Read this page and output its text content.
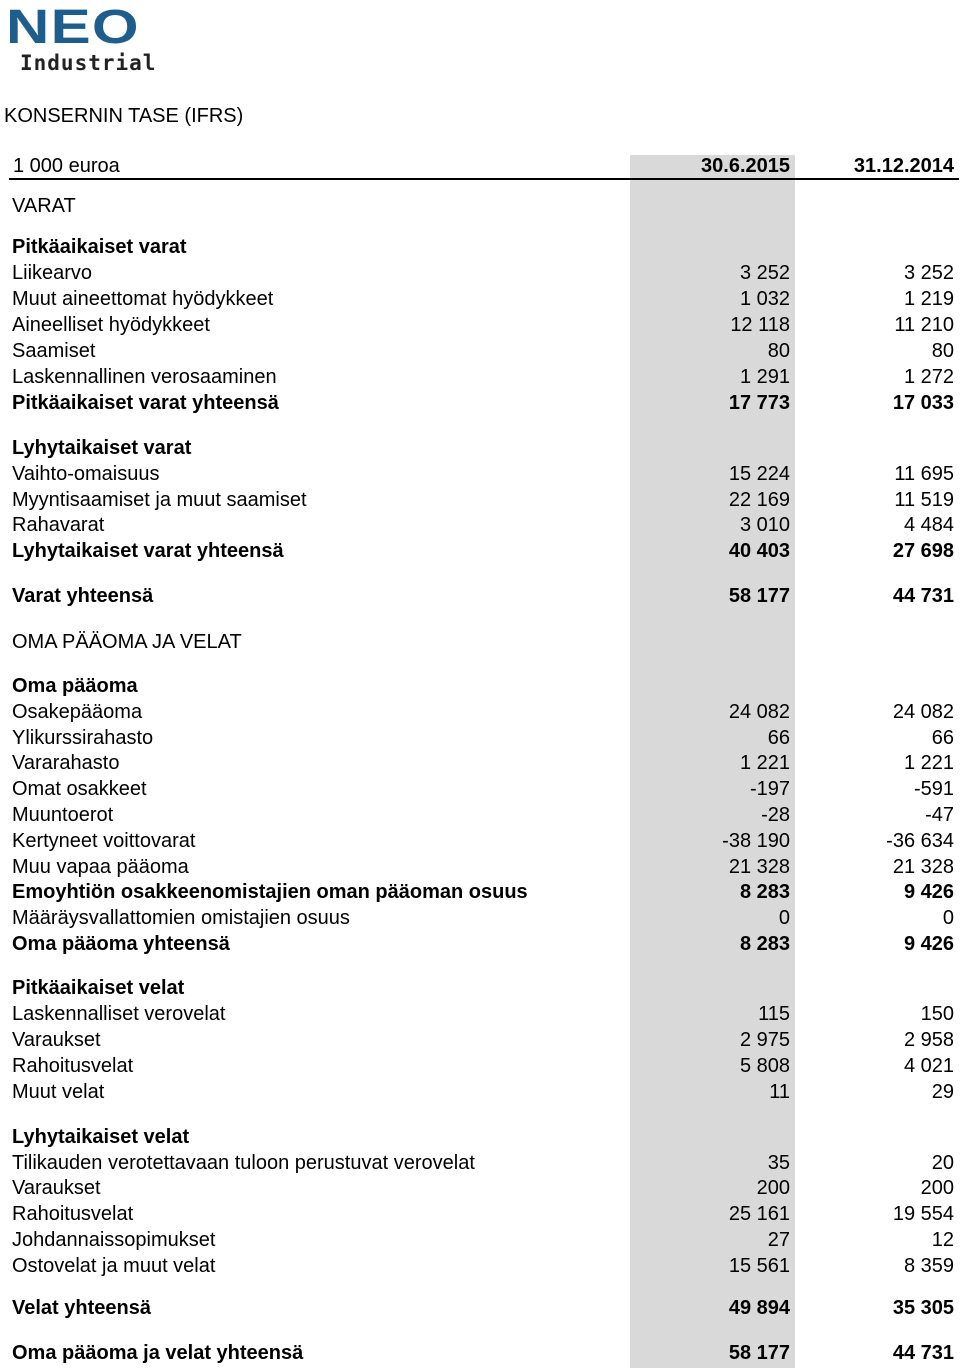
NEO
Industrial
KONSERNIN TASE (IFRS)
1 000 euroa	30.6.2015	31.12.2014
VARAT
Pitkäaikaiset varat
Liikearvo	3 252	3 252
Muut aineettomat hyödykkeet	1 032	1 219
Aineelliset hyödykkeet	12 118	11 210
Saamiset	80	80
Laskennallinen verosaaminen	1 291	1 272
Pitkäaikaiset varat yhteensä	17 773	17 033
Lyhytaikaiset varat
Vaihto-omaisuus	15 224	11 695
Myyntisaamiset ja muut saamiset	22 169	11 519
Rahavarat	3 010	4 484
Lyhytaikaiset varat yhteensä	40 403	27 698
Varat yhteensä	58 177	44 731
OMA PÄÄOMA JA VELAT
Oma pääoma
Osakepääoma	24 082	24 082
Ylikurssirahasto	66	66
Vararahasto	1 221	1 221
Omat osakkeet	-197	-591
Muuntoerot	-28	-47
Kertyneet voittovarat	-38 190	-36 634
Muu vapaa pääoma	21 328	21 328
Emoyhtiön osakkeenomistajien oman pääoman osuus	8 283	9 426
Määräysvallattomien omistajien osuus	0	0
Oma pääoma yhteensä	8 283	9 426
Pitkäaikaiset velat
Laskennalliset verovelat	115	150
Varaukset	2 975	2 958
Rahoitusvelat	5 808	4 021
Muut velat	11	29
Lyhytaikaiset velat
Tilikauden verotettavaan tuloon perustuvat verovelat	35	20
Varaukset	200	200
Rahoitusvelat	25 161	19 554
Johdannaissopimukset	27	12
Ostovelat ja muut velat	15 561	8 359
Velat yhteensä	49 894	35 305
Oma pääoma ja velat yhteensä	58 177	44 731
